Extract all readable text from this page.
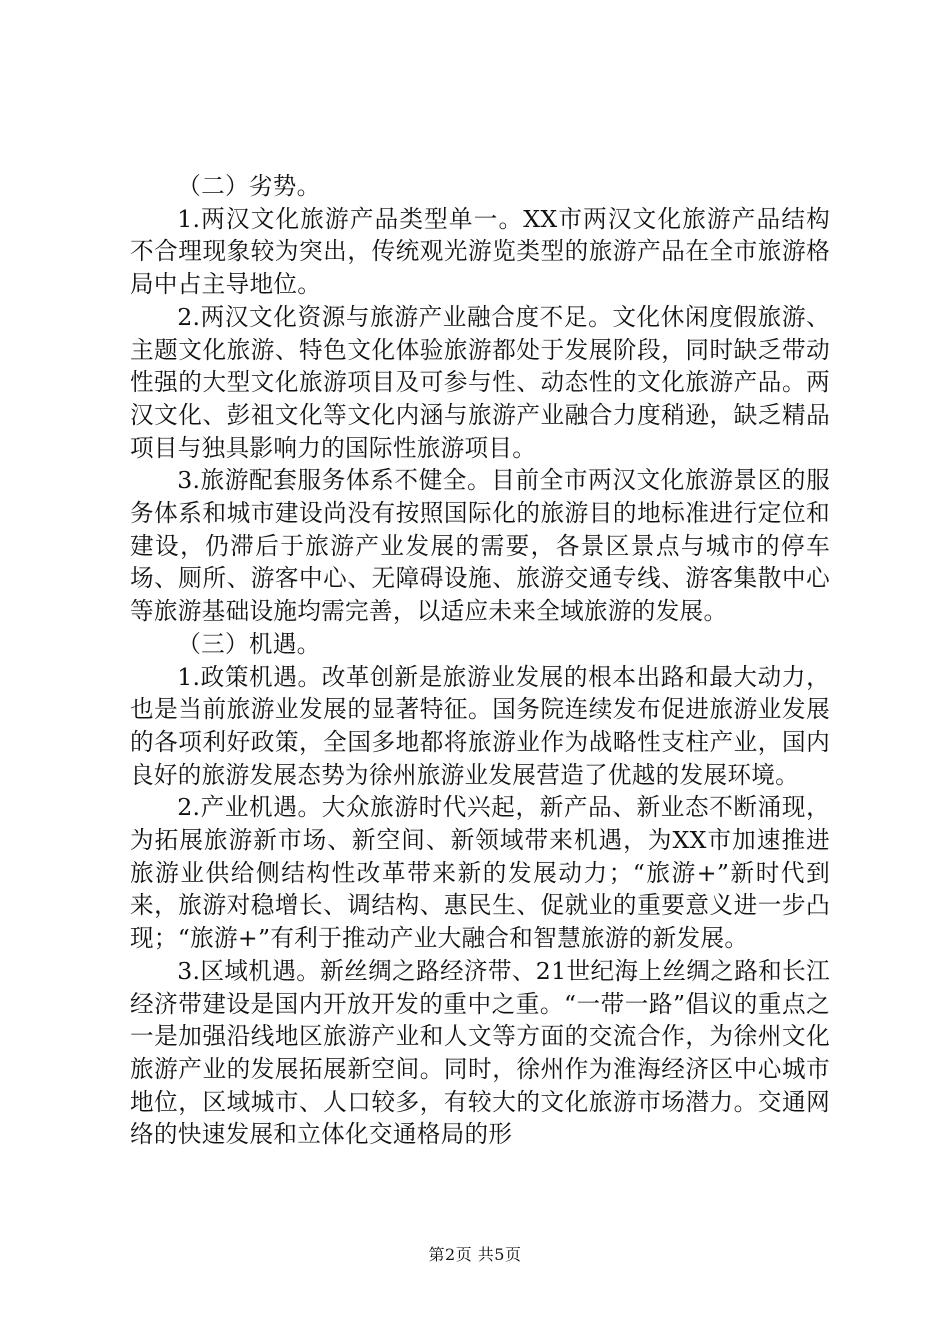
（二）劣势。

1.两汉文化旅游产品类型单一。XX市两汉文化旅游产品结构不合理现象较为突出，传统观光游览类型的旅游产品在全市旅游格局中占主导地位。

2.两汉文化资源与旅游产业融合度不足。文化休闲度假旅游、主题文化旅游、特色文化体验旅游都处于发展阶段，同时缺乏带动性强的大型文化旅游项目及可参与性、动态性的文化旅游产品。两汉文化、彭祖文化等文化内涵与旅游产业融合力度稍逊，缺乏精品项目与独具影响力的国际性旅游项目。

3.旅游配套服务体系不健全。目前全市两汉文化旅游景区的服务体系和城市建设尚没有按照国际化的旅游目的地标准进行定位和建设，仍滞后于旅游产业发展的需要，各景区景点与城市的停车场、厕所、游客中心、无障碍设施、旅游交通专线、游客集散中心等旅游基础设施均需完善，以适应未来全域旅游的发展。

（三）机遇。

1.政策机遇。改革创新是旅游业发展的根本出路和最大动力，也是当前旅游业发展的显著特征。国务院连续发布促进旅游业发展的各项利好政策，全国多地都将旅游业作为战略性支柱产业，国内良好的旅游发展态势为徐州旅游业发展营造了优越的发展环境。

2.产业机遇。大众旅游时代兴起，新产品、新业态不断涌现，为拓展旅游新市场、新空间、新领域带来机遇，为XX市加速推进旅游业供给侧结构性改革带来新的发展动力；“旅游+”新时代到来，旅游对稳增长、调结构、惠民生、促就业的重要意义进一步凸现；“旅游+”有利于推动产业大融合和智慧旅游的新发展。

3.区域机遇。新丝绸之路经济带、21世纪海上丝绸之路和长江经济带建设是国内开放开发的重中之重。“一带一路”倡议的重点之一是加强沿线地区旅游产业和人文等方面的交流合作，为徐州文化旅游产业的发展拓展新空间。同时，徐州作为淮海经济区中心城市地位，区域城市、人口较多，有较大的文化旅游市场潜力。交通网络的快速发展和立体化交通格局的形

第2页 共5页
